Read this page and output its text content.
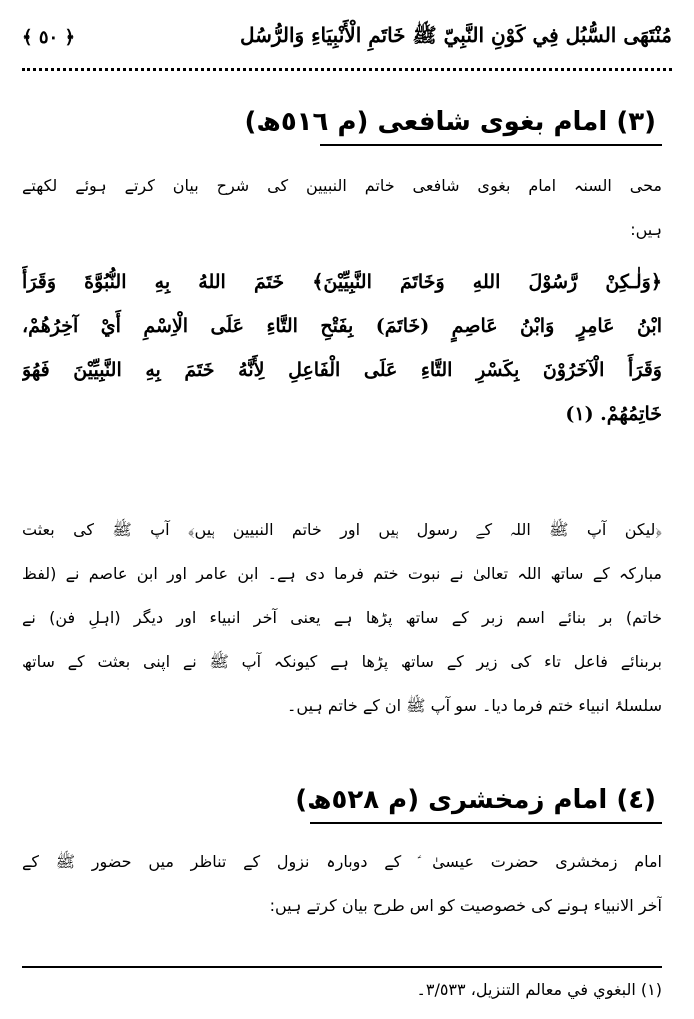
مُنْتَهَى السُّبُل فِي كَوْنِ النَّبِيّ ﷺ خَاتَمِ الْأَنْبِيَاءِ وَالرُّسُل
﴿ ٥٠ ﴾
(٣) امام بغوی شافعی (م ٥١٦ھ)
محی السنہ امام بغوی شافعی خاتم النبیین کی شرح بیان کرتے ہوئے لکھتے
ہیں:
﴿وَلٰـكِنْ رَّسُوْلَ اللهِ وَخَاتَمَ النَّبِيِّيْنَ﴾ خَتَمَ اللهُ بِهِ النُّبُوَّةَ وَقَرَأَ
ابْنُ عَامِرٍ وَابْنُ عَاصِمٍ (خَاتَمَ) بِفَتْحِ التَّاءِ عَلَى الْاِسْمِ أَيْ آخِرُهُمْ،
وَقَرَأَ الْآخَرُوْنَ بِكَسْرِ التَّاءِ عَلَى الْفَاعِلِ لِأَنَّهُ خَتَمَ بِهِ النَّبِيِّيْنَ فَهُوَ
خَاتِمُهُمْ. (١)
﴿لیکن آپ ﷺ اللہ کے رسول ہیں اور خاتم النبیین ہیں﴾ آپ ﷺ کی بعثت
مبارکہ کے ساتھ اللہ تعالیٰ نے نبوت ختم فرما دی ہے۔ ابن عامر اور ابن عاصم نے (لفظ
خاتم) بر بنائے اسم زبر کے ساتھ پڑھا ہے یعنی آخر انبیاء اور دیگر (اہلِ فن) نے
بربنائے فاعل تاء کی زیر کے ساتھ پڑھا ہے کیونکہ آپ ﷺ نے اپنی بعثت کے ساتھ
سلسلۂ انبیاء ختم فرما دیا۔ سو آپ ﷺ ان کے خاتم ہیں۔
(٤) امام زمخشری (م ٥٢٨ھ)
امام زمخشری حضرت عیسیٰ ؑ کے دوبارہ نزول کے تناظر میں حضور ﷺ کے
آخر الانبیاء ہونے کی خصوصیت کو اس طرح بیان کرتے ہیں:
(١) البغوي في معالم التنزيل، ٣/٥٣٣۔
